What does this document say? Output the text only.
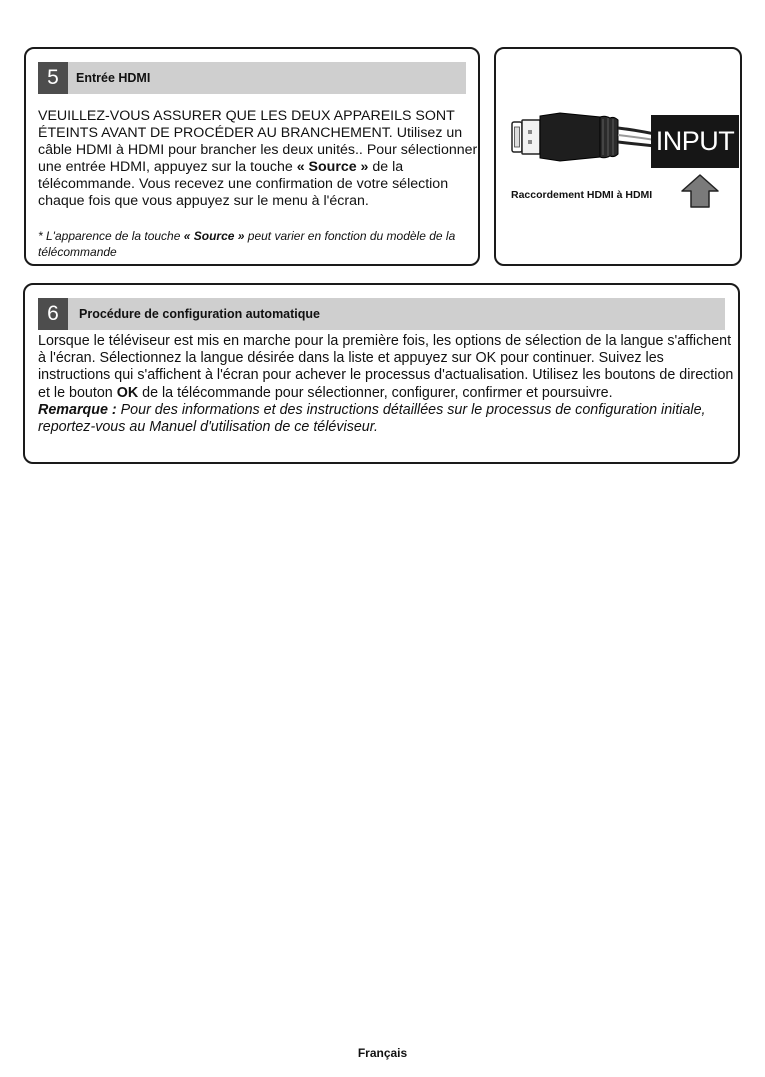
5	Entrée HDMI
VEUILLEZ-VOUS ASSURER QUE LES DEUX APPAREILS SONT ÉTEINTS AVANT DE PROCÉDER AU BRANCHEMENT. Utilisez un câble HDMI à HDMI pour brancher les deux unités.. Pour sélectionner une entrée HDMI, appuyez sur la touche « Source » de la télécommande. Vous recevez une confirmation de votre sélection chaque fois que vous appuyez sur le menu à l'écran.
* L'apparence de la touche « Source » peut varier en fonction du modèle de la télécommande
INPUT
Raccordement HDMI à HDMI
6	Procédure de configuration automatique
Lorsque le téléviseur est mis en marche pour la première fois, les options de sélection de la langue s'affichent à l'écran. Sélectionnez la langue désirée dans la liste et appuyez sur OK pour continuer. Suivez les instructions qui s'affichent à l'écran pour achever le processus d'actualisation. Utilisez les boutons de direction et le bouton OK de la télécommande pour sélectionner, configurer, confirmer et poursuivre.
Remarque : Pour des informations et des instructions détaillées sur le processus de configuration initiale, reportez-vous au Manuel d'utilisation de ce téléviseur.
Français
